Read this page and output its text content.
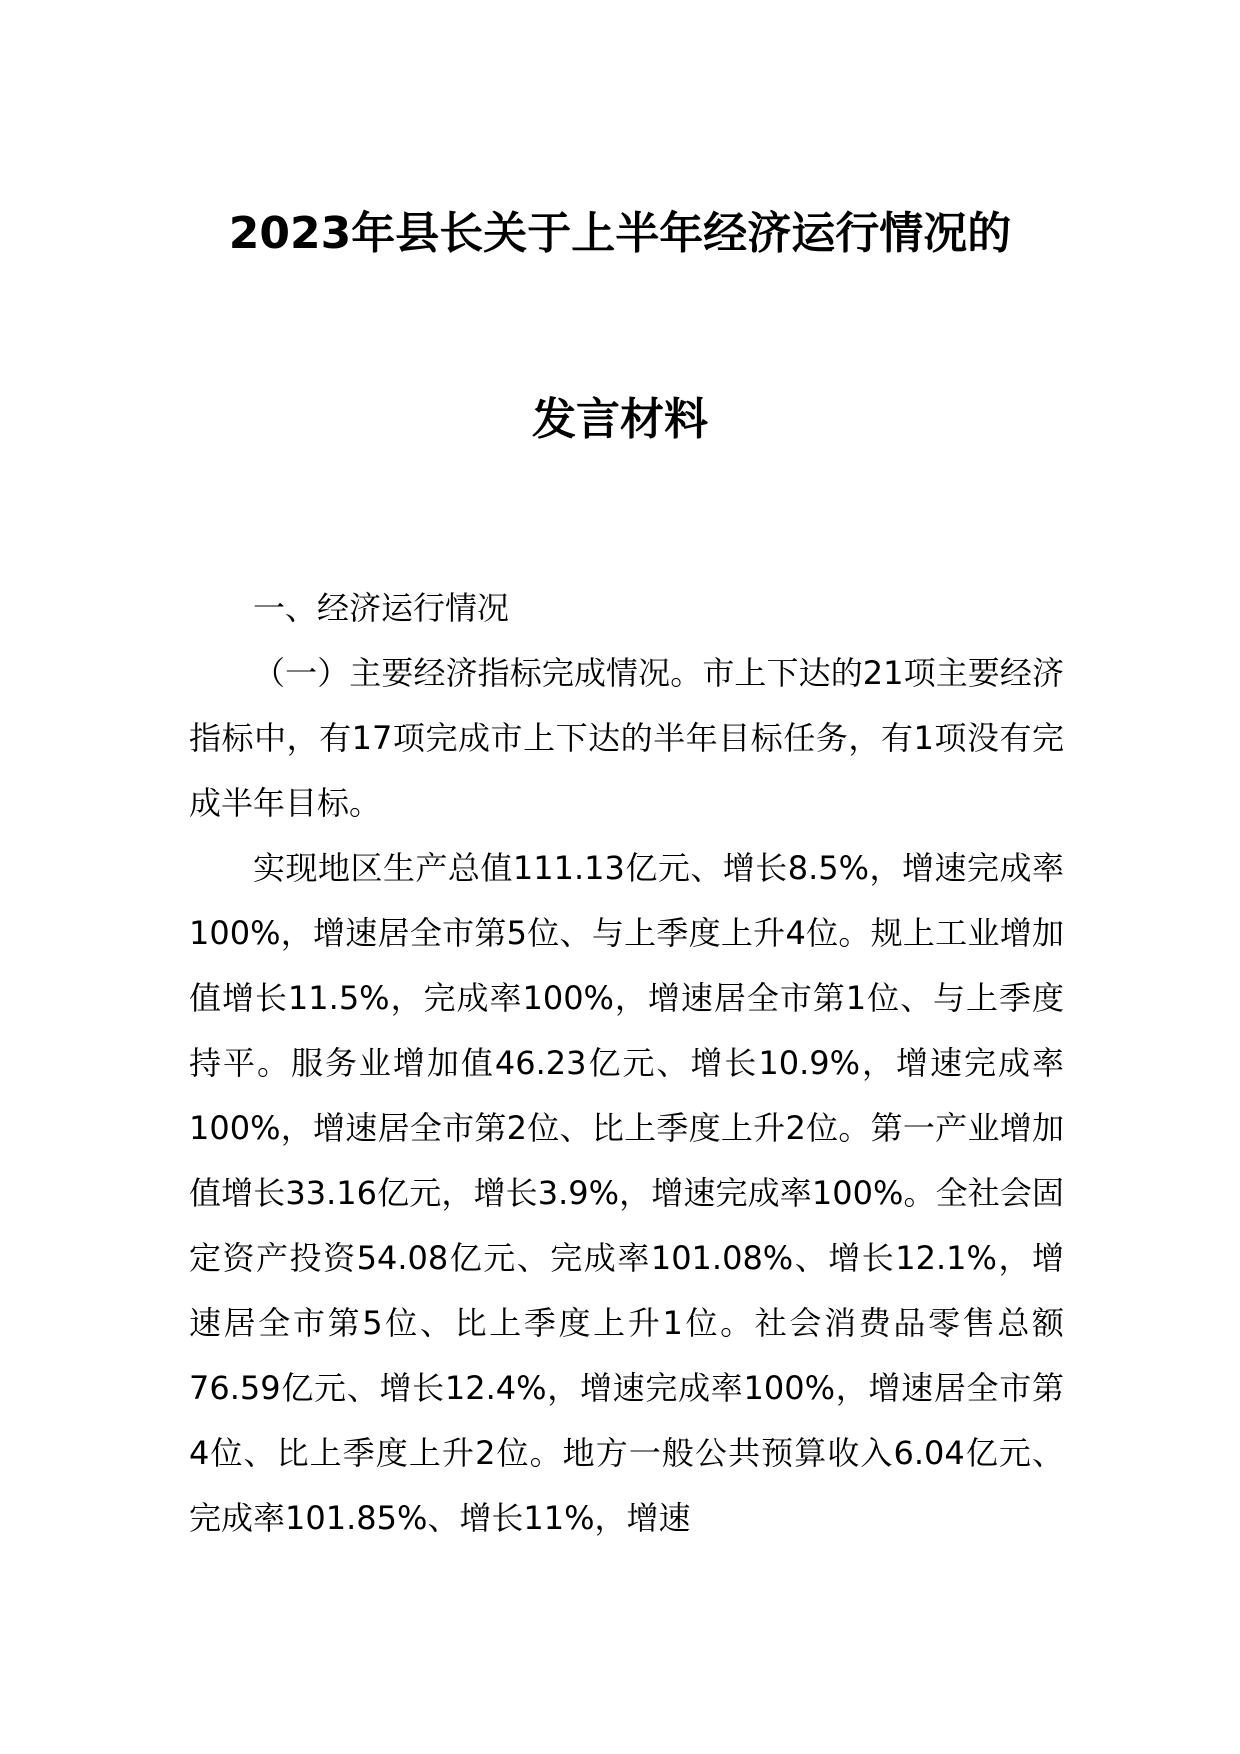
2023年县长关于上半年经济运行情况的
发言材料

一、经济运行情况

（一）主要经济指标完成情况。市上下达的21项主要经济指标中，有17项完成市上下达的半年目标任务，有1项没有完成半年目标。

实现地区生产总值111.13亿元、增长8.5%，增速完成率100%，增速居全市第5位、与上季度上升4位。规上工业增加值增长11.5%，完成率100%，增速居全市第1位、与上季度持平。服务业增加值46.23亿元、增长10.9%，增速完成率100%，增速居全市第2位、比上季度上升2位。第一产业增加值增长33.16亿元，增长3.9%，增速完成率100%。全社会固定资产投资54.08亿元、完成率101.08%、增长12.1%，增速居全市第5位、比上季度上升1位。社会消费品零售总额76.59亿元、增长12.4%，增速完成率100%，增速居全市第4位、比上季度上升2位。地方一般公共预算收入6.04亿元、完成率101.85%、增长11%，增速
